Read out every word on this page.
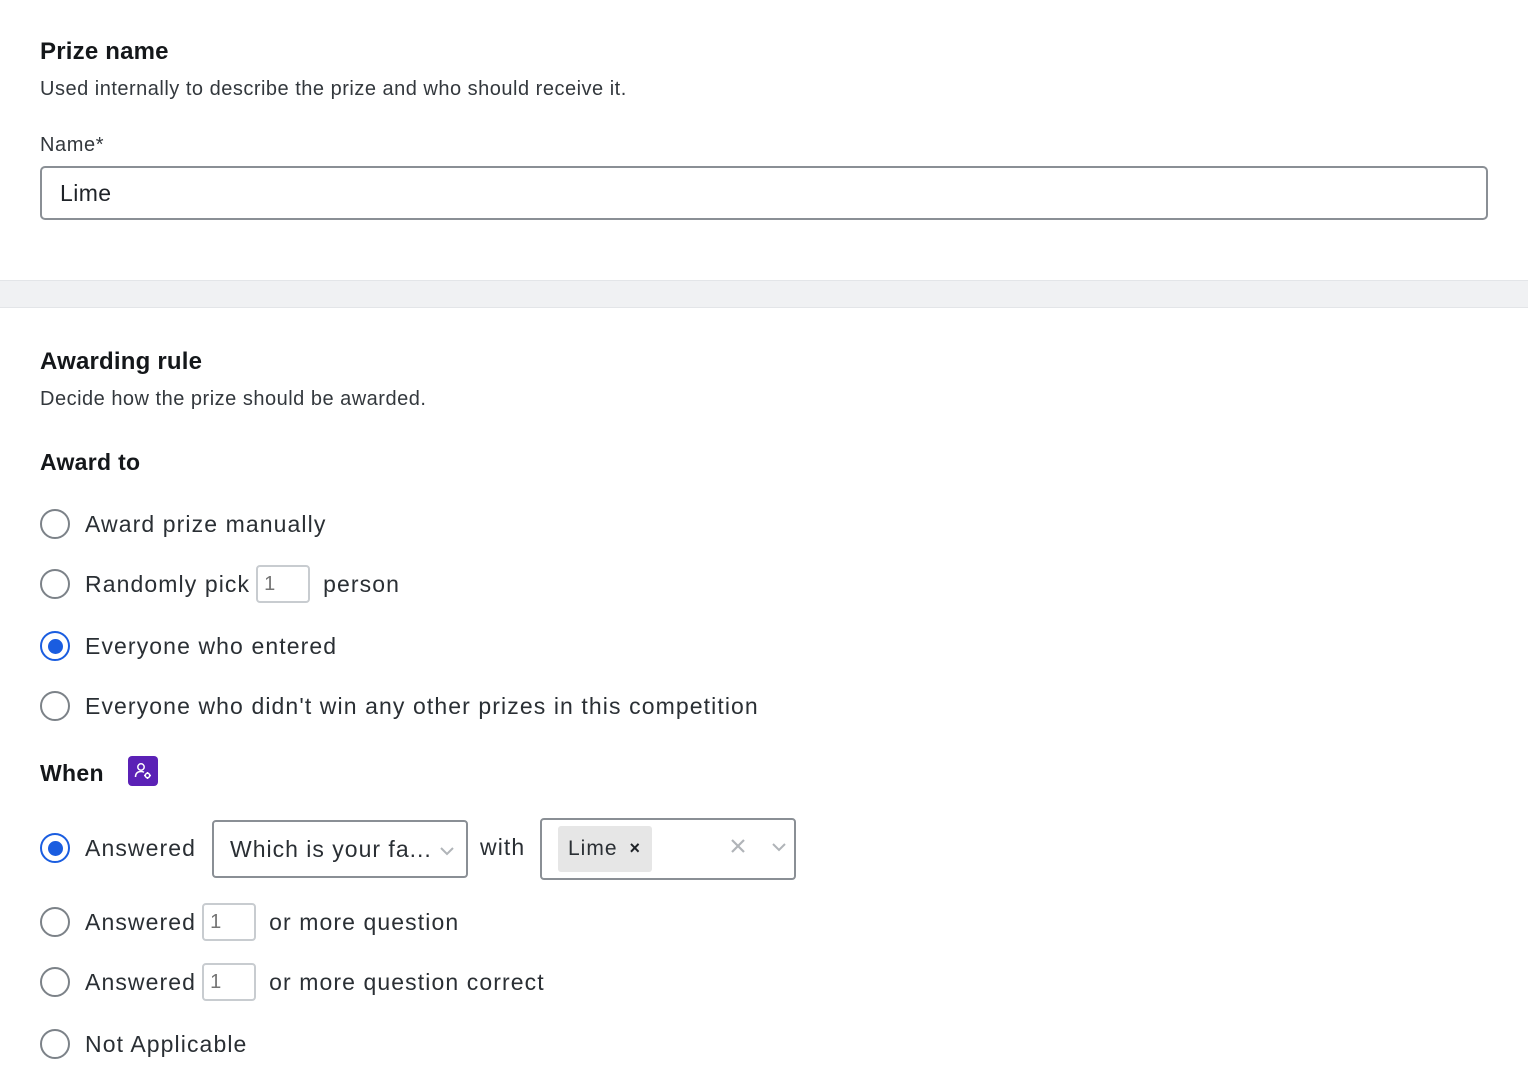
Prize name
Used internally to describe the prize and who should receive it.
Name*
Lime
Awarding rule
Decide how the prize should be awarded.
Award to
Award prize manually
Randomly pick
1	person
Everyone who entered
Everyone who didn't win any other prizes in this competition
When
Answered	Which is your fa... with Lime ×
Answered
1	or more question
Answered
1	or more question correct
Not Applicable
